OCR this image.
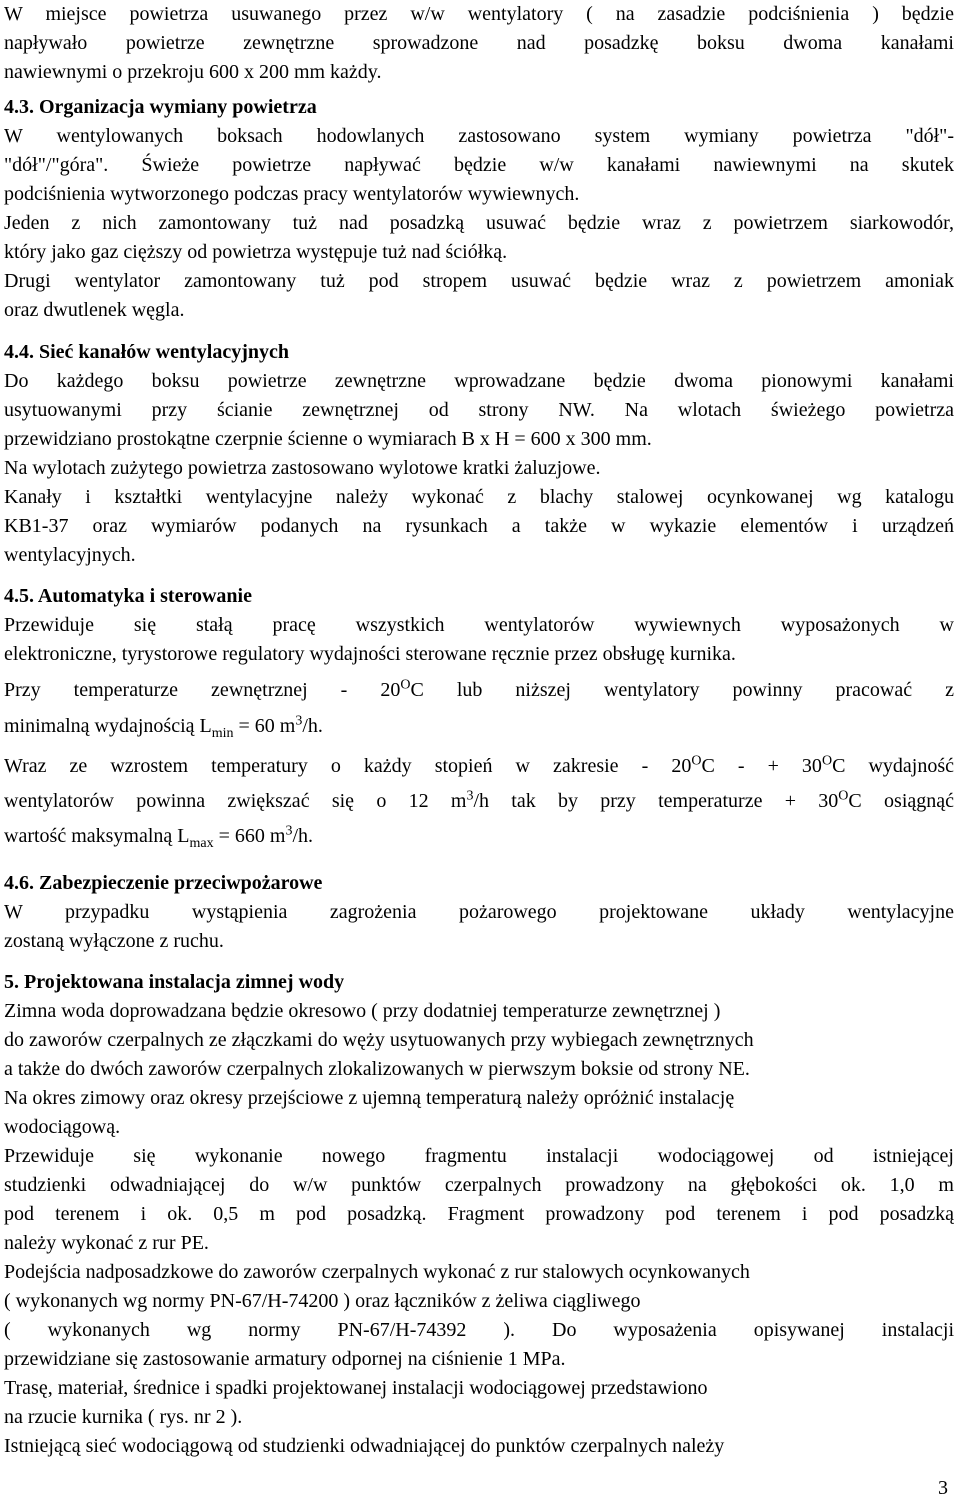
W miejsce powietrza usuwanego przez w/w wentylatory ( na zasadzie podciśnienia ) będzie
napływało powietrze zewnętrzne sprowadzone nad posadzkę boksu dwoma kanałami
nawiewnymi o przekroju 600 x 200 mm każdy.
4.3. Organizacja wymiany powietrza
W wentylowanych boksach hodowlanych zastosowano system wymiany powietrza "dół"-
"dół"/"góra". Świeże powietrze napływać będzie w/w kanałami nawiewnymi na skutek
podciśnienia wytworzonego podczas pracy wentylatorów wywiewnych.
Jeden z nich zamontowany tuż nad posadzką usuwać będzie wraz z powietrzem siarkowodór,
który jako gaz cięższy od powietrza występuje tuż nad ściółką.
Drugi wentylator zamontowany tuż pod stropem usuwać będzie wraz z powietrzem amoniak
oraz dwutlenek węgla.
4.4. Sieć kanałów wentylacyjnych
Do każdego boksu powietrze zewnętrzne wprowadzane będzie dwoma pionowymi kanałami
usytuowanymi przy ścianie zewnętrznej od strony NW. Na wlotach świeżego powietrza
przewidziano prostokątne czerpnie ścienne o wymiarach B x H = 600 x 300 mm.
Na wylotach zużytego powietrza zastosowano wylotowe kratki żaluzjowe.
Kanały i kształtki wentylacyjne należy wykonać z blachy stalowej ocynkowanej wg katalogu
KB1-37 oraz wymiarów podanych na rysunkach a także w wykazie elementów i urządzeń
wentylacyjnych.
4.5. Automatyka i sterowanie
Przewiduje się stałą pracę wszystkich wentylatorów wywiewnych wyposażonych w
elektroniczne, tyrystorowe regulatory wydajności sterowane ręcznie przez obsługę kurnika.
Przy temperaturze zewnętrznej - $20^OC$ lub niższej wentylatory powinny pracować z
minimalną wydajnością $L_{min} = 60$ $m^3/h$.
Wraz ze wzrostem temperatury o każdy stopień w zakresie - $20^OC$ - + $30^OC$ wydajność
wentylatorów powinna zwiększać się o 12 $m^3/h$ tak by przy temperaturze + $30^OC$ osiągnąć
wartość maksymalną $L_{max} = 660$ $m^3/h$.
4.6. Zabezpieczenie przeciwpożarowe
W przypadku wystąpienia zagrożenia pożarowego projektowane układy wentylacyjne
zostaną wyłączone z ruchu.
5. Projektowana instalacja zimnej wody
Zimna woda doprowadzana będzie okresowo ( przy dodatniej temperaturze zewnętrznej )
do zaworów czerpalnych ze złączkami do węży usytuowanych przy wybiegach zewnętrznych
a także do dwóch zaworów czerpalnych zlokalizowanych w pierwszym boksie od strony NE.
Na okres zimowy oraz okresy przejściowe z ujemną temperaturą należy opróżnić instalację
wodociągową.
Przewiduje się wykonanie nowego fragmentu instalacji wodociągowej od istniejącej
studzienki odwadniającej do w/w punktów czerpalnych prowadzony na głębokości ok. 1,0 m
pod terenem i ok. 0,5 m pod posadzką. Fragment prowadzony pod terenem i pod posadzką
należy wykonać z rur PE.
Podejścia nadposadzkowe do zaworów czerpalnych wykonać z rur stalowych ocynkowanych
( wykonanych wg normy PN-67/H-74200 ) oraz łączników z żeliwa ciągliwego
( wykonanych wg normy PN-67/H-74392 ). Do wyposażenia opisywanej instalacji
przewidziane się zastosowanie armatury odpornej na ciśnienie 1 MPa.
Trasę, materiał, średnice i spadki projektowanej instalacji wodociągowej przedstawiono
na rzucie kurnika ( rys. nr 2 ).
Istniejącą sieć wodociągową od studzienki odwadniającej do punktów czerpalnych należy
3
